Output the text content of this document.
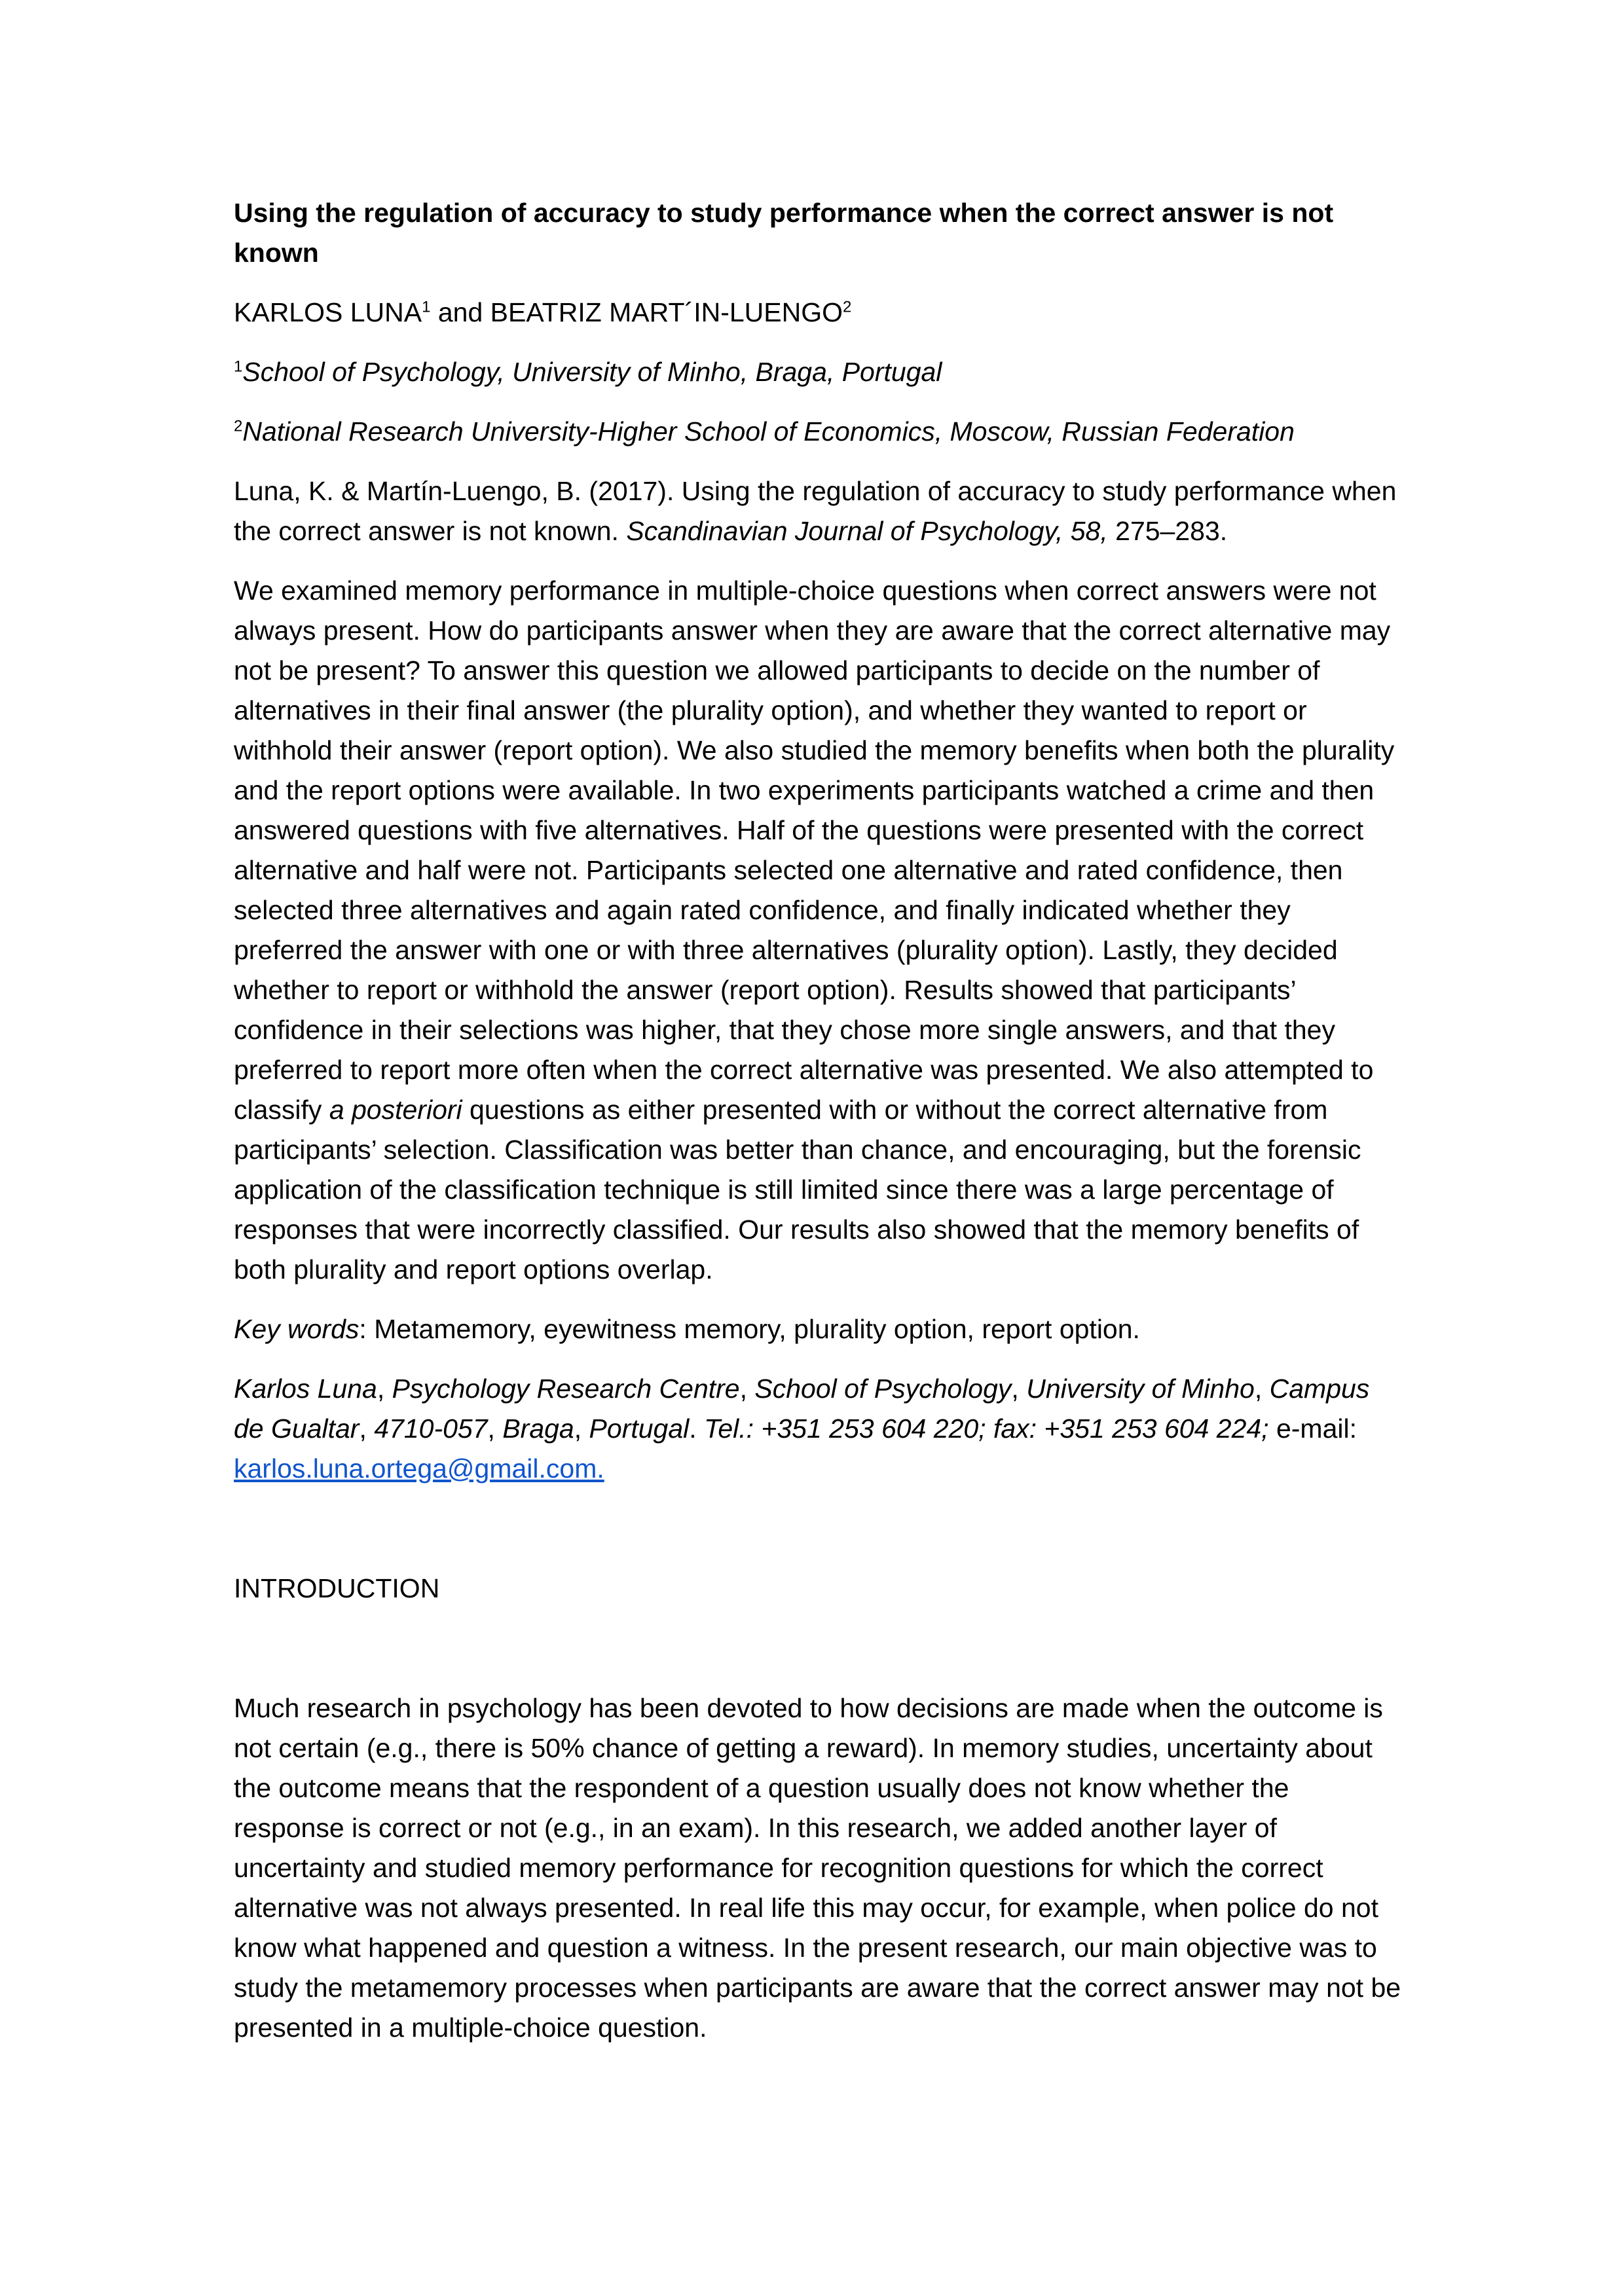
Using the regulation of accuracy to study performance when the correct answer is not known

KARLOS LUNA$^1$ and BEATRIZ MART´IN-LUENGO$^2$

$^1$School of Psychology, University of Minho, Braga, Portugal

$^2$National Research University-Higher School of Economics, Moscow, Russian Federation

Luna, K. & Martín-Luengo, B. (2017). Using the regulation of accuracy to study performance when the correct answer is not known. Scandinavian Journal of Psychology, 58, 275–283.

We examined memory performance in multiple-choice questions when correct answers were not always present. How do participants answer when they are aware that the correct alternative may not be present? To answer this question we allowed participants to decide on the number of alternatives in their final answer (the plurality option), and whether they wanted to report or withhold their answer (report option). We also studied the memory benefits when both the plurality and the report options were available. In two experiments participants watched a crime and then answered questions with five alternatives. Half of the questions were presented with the correct alternative and half were not. Participants selected one alternative and rated confidence, then selected three alternatives and again rated confidence, and finally indicated whether they preferred the answer with one or with three alternatives (plurality option). Lastly, they decided whether to report or withhold the answer (report option). Results showed that participants’ confidence in their selections was higher, that they chose more single answers, and that they preferred to report more often when the correct alternative was presented. We also attempted to classify a posteriori questions as either presented with or without the correct alternative from participants’ selection. Classification was better than chance, and encouraging, but the forensic application of the classification technique is still limited since there was a large percentage of responses that were incorrectly classified. Our results also showed that the memory benefits of both plurality and report options overlap.

Key words: Metamemory, eyewitness memory, plurality option, report option.

Karlos Luna, Psychology Research Centre, School of Psychology, University of Minho, Campus de Gualtar, 4710-057, Braga, Portugal. Tel.: +351 253 604 220; fax: +351 253 604 224; e-mail: karlos.luna.ortega@gmail.com.

INTRODUCTION

Much research in psychology has been devoted to how decisions are made when the outcome is not certain (e.g., there is 50% chance of getting a reward). In memory studies, uncertainty about the outcome means that the respondent of a question usually does not know whether the response is correct or not (e.g., in an exam). In this research, we added another layer of uncertainty and studied memory performance for recognition questions for which the correct alternative was not always presented. In real life this may occur, for example, when police do not know what happened and question a witness. In the present research, our main objective was to study the metamemory processes when participants are aware that the correct answer may not be presented in a multiple-choice question.
